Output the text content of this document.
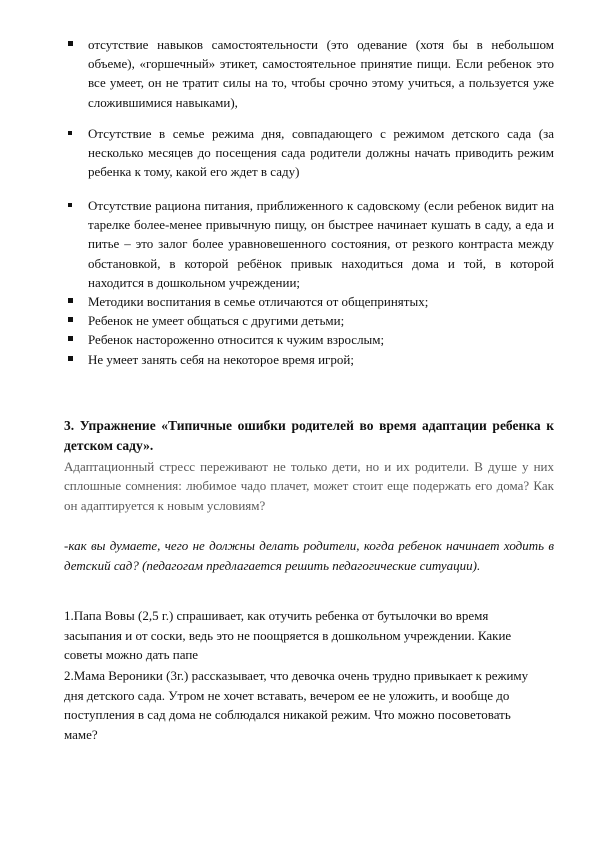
отсутствие навыков самостоятельности (это одевание (хотя бы в небольшом объеме), «горшечный» этикет, самостоятельное принятие пищи. Если ребенок это все умеет, он не тратит силы на то, чтобы срочно этому учиться, а пользуется уже сложившимися навыками),
Отсутствие в семье режима дня, совпадающего с режимом детского сада (за несколько месяцев до посещения сада родители должны начать приводить режим ребенка к тому, какой его ждет в саду)
Отсутствие рациона питания, приближенного к садовскому (если ребенок видит на тарелке более-менее привычную пищу, он быстрее начинает кушать в саду, а еда и питье – это залог более уравновешенного состояния, от резкого контраста между обстановкой, в которой ребёнок привык находиться дома и той, в которой находится в дошкольном учреждении;
Методики воспитания в семье отличаются от общепринятых;
Ребенок не умеет общаться с другими детьми;
Ребенок настороженно относится к чужим взрослым;
Не умеет занять себя на некоторое время игрой;
3. Упражнение «Типичные ошибки родителей во время адаптации ребенка к детском саду».
Адаптационный стресс переживают не только дети, но и их родители. В душе у них сплошные сомнения: любимое чадо плачет, может стоит еще подержать его дома? Как он адаптируется к новым условиям?
-как вы думаете, чего не должны делать родители, когда ребенок начинает ходить в детский сад? (педагогам предлагается решить педагогические ситуации).
1.Папа Вовы (2,5 г.) спрашивает, как отучить ребенка от бутылочки во время засыпания и от соски, ведь это не поощряется в дошкольном учреждении. Какие советы можно дать папе
2.Мама Вероники (3г.) рассказывает, что девочка очень трудно привыкает к режиму дня детского сада. Утром не хочет вставать, вечером ее не уложить, и вообще до поступления в сад дома не соблюдался никакой режим. Что можно посоветовать маме?
